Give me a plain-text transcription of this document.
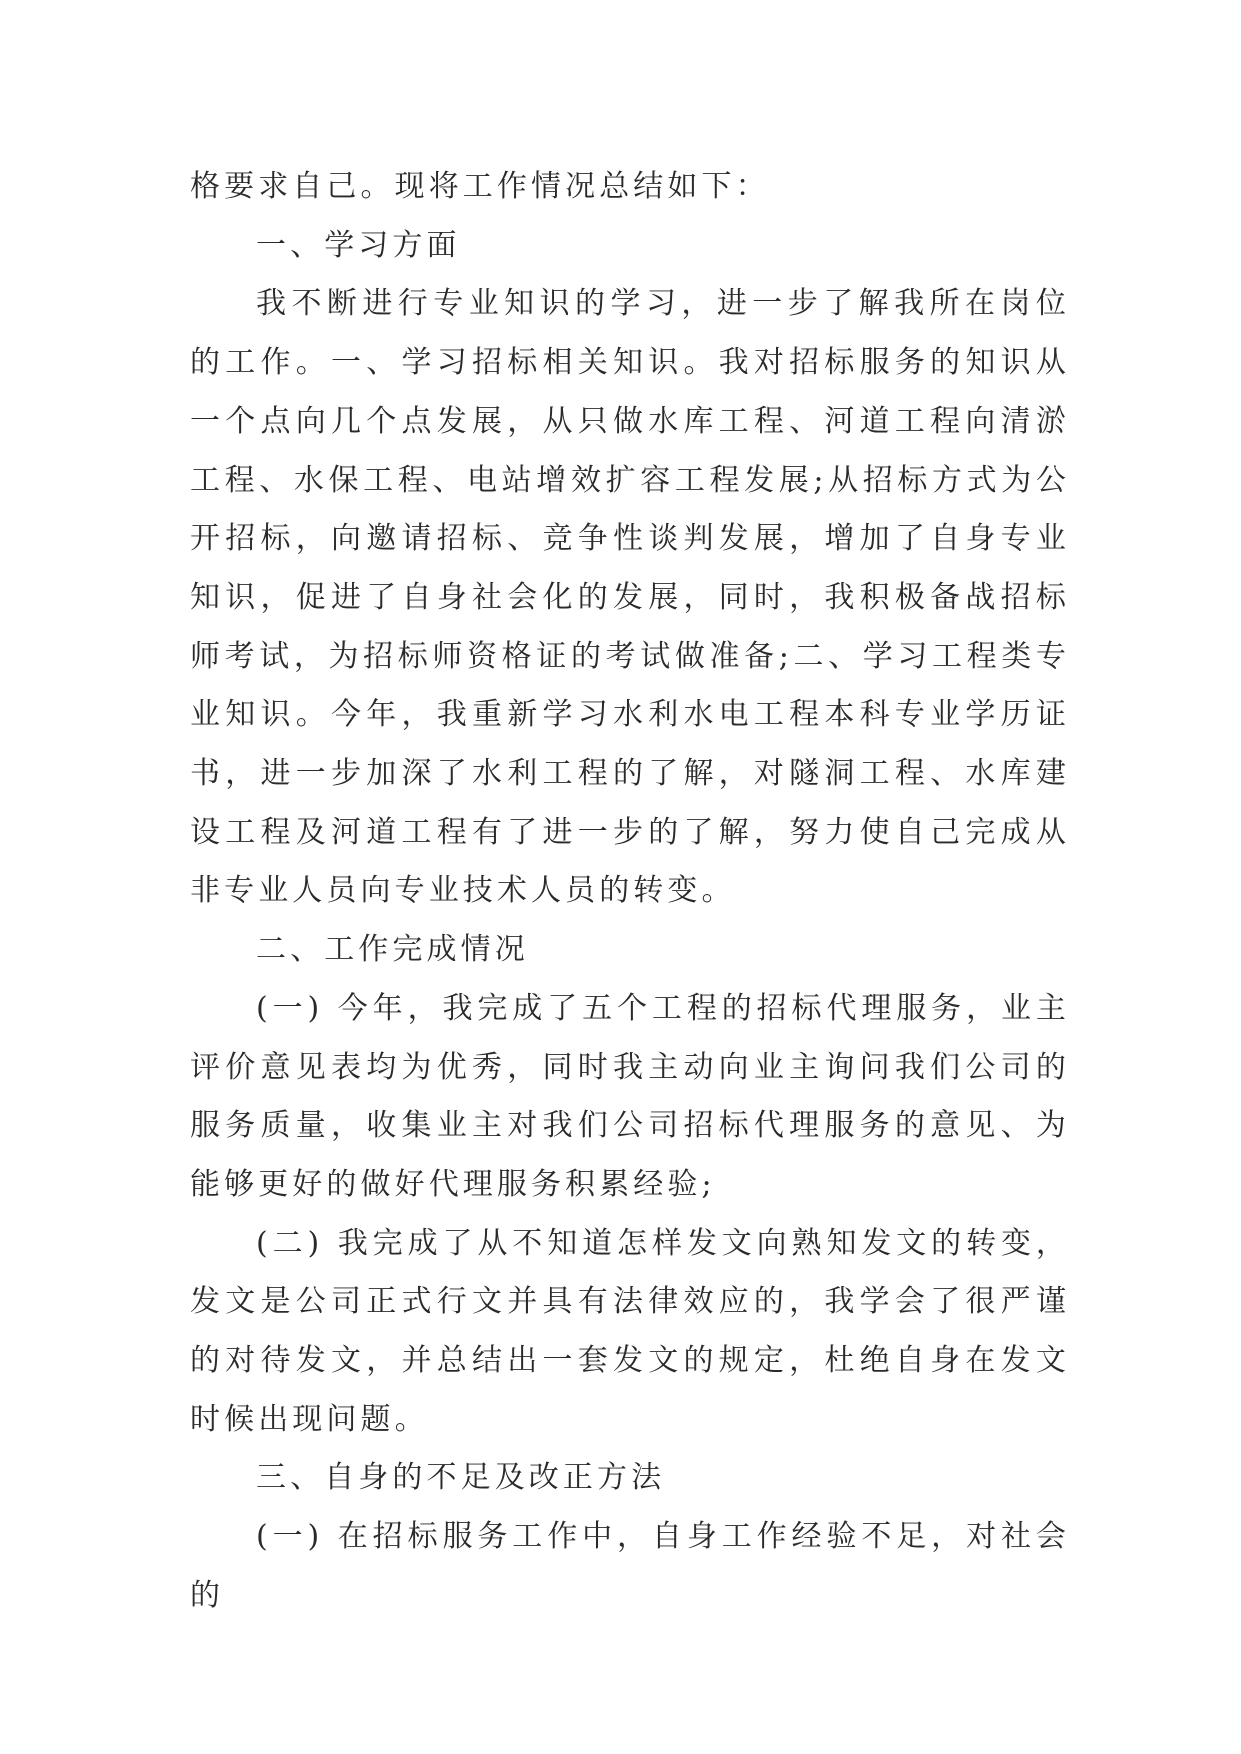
格要求自己。现将工作情况总结如下：

一、学习方面

我不断进行专业知识的学习，进一步了解我所在岗位的工作。一、学习招标相关知识。我对招标服务的知识从一个点向几个点发展，从只做水库工程、河道工程向清淤工程、水保工程、电站增效扩容工程发展;从招标方式为公开招标，向邀请招标、竞争性谈判发展，增加了自身专业知识，促进了自身社会化的发展，同时，我积极备战招标师考试，为招标师资格证的考试做准备;二、学习工程类专业知识。今年，我重新学习水利水电工程本科专业学历证书，进一步加深了水利工程的了解，对隧洞工程、水库建设工程及河道工程有了进一步的了解，努力使自己完成从非专业人员向专业技术人员的转变。

二、工作完成情况

(一) 今年，我完成了五个工程的招标代理服务，业主评价意见表均为优秀，同时我主动向业主询问我们公司的服务质量，收集业主对我们公司招标代理服务的意见、为能够更好的做好代理服务积累经验;

(二) 我完成了从不知道怎样发文向熟知发文的转变，发文是公司正式行文并具有法律效应的，我学会了很严谨的对待发文，并总结出一套发文的规定，杜绝自身在发文时候出现问题。

三、自身的不足及改正方法

(一) 在招标服务工作中，自身工作经验不足，对社会的
